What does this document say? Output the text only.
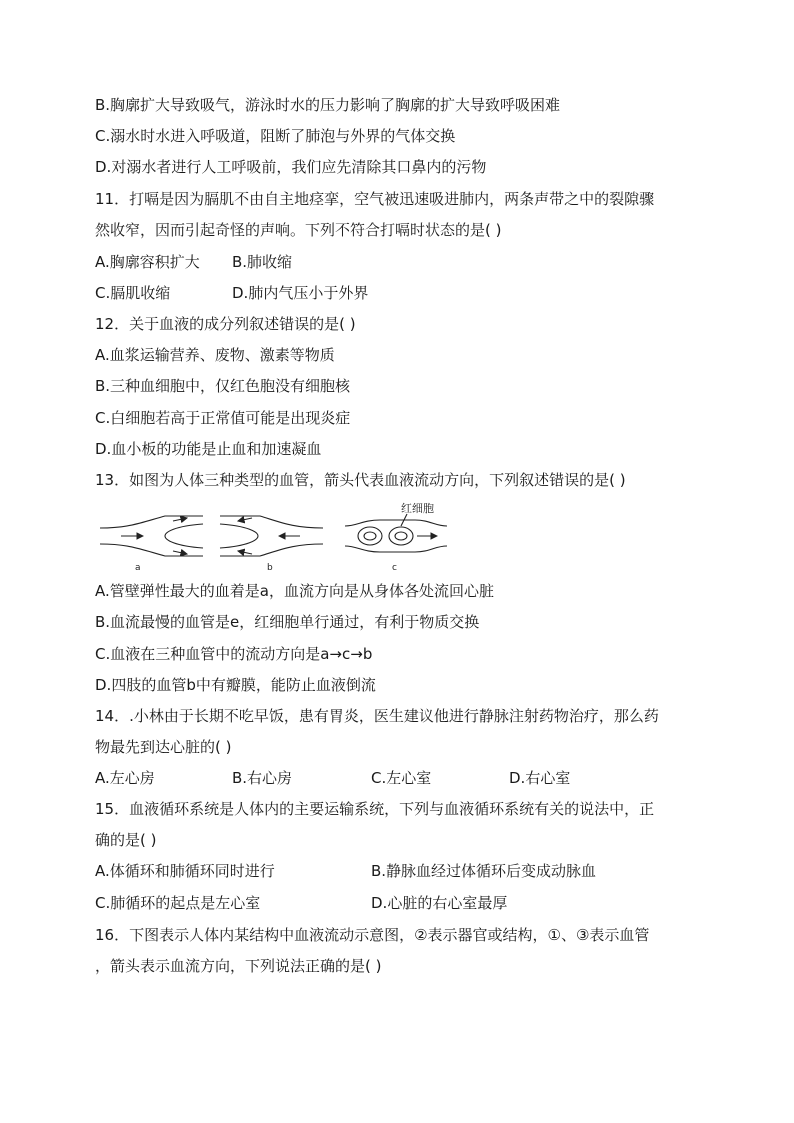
B.胸廓扩大导致吸气，游泳时水的压力影响了胸廓的扩大导致呼吸困难
C.溺水时水进入呼吸道，阻断了肺泡与外界的气体交换
D.对溺水者进行人工呼吸前，我们应先清除其口鼻内的污物
11．打嗝是因为膈肌不由自主地痉挛，空气被迅速吸进肺内，两条声带之中的裂隙骤
然收窄，因而引起奇怪的声响。下列不符合打嗝时状态的是( )
A.胸廓容积扩大 B.肺收缩
C.膈肌收缩	D.肺内气压小于外界
12．关于血液的成分列叙述错误的是( )
A.血浆运输营养、废物、激素等物质
B.三种血细胞中，仅红色胞没有细胞核
C.白细胞若高于正常值可能是出现炎症
D.血小板的功能是止血和加速凝血
13．如图为人体三种类型的血管，箭头代表血液流动方向，下列叙述错误的是( )
红细胞
a	b	c
A.管壁弹性最大的血着是a，血流方向是从身体各处流回心脏
B.血流最慢的血管是e，红细胞单行通过，有利于物质交换
C.血液在三种血管中的流动方向是a→c→b
D.四肢的血管b中有瓣膜，能防止血液倒流
14．.小林由于长期不吃早饭，患有胃炎，医生建议他进行静脉注射药物治疗，那么药
物最先到达心脏的( )
A.左心房	B.右心房	C.左心室	D.右心室
15．血液循环系统是人体内的主要运输系统，下列与血液循环系统有关的说法中，正
确的是( )
A.体循环和肺循环同时进行	B.静脉血经过体循环后变成动脉血
C.肺循环的起点是左心室	D.心脏的右心室最厚
16．下图表示人体内某结构中血液流动示意图，②表示器官或结构，①、③表示血管
，箭头表示血流方向，下列说法正确的是( )
